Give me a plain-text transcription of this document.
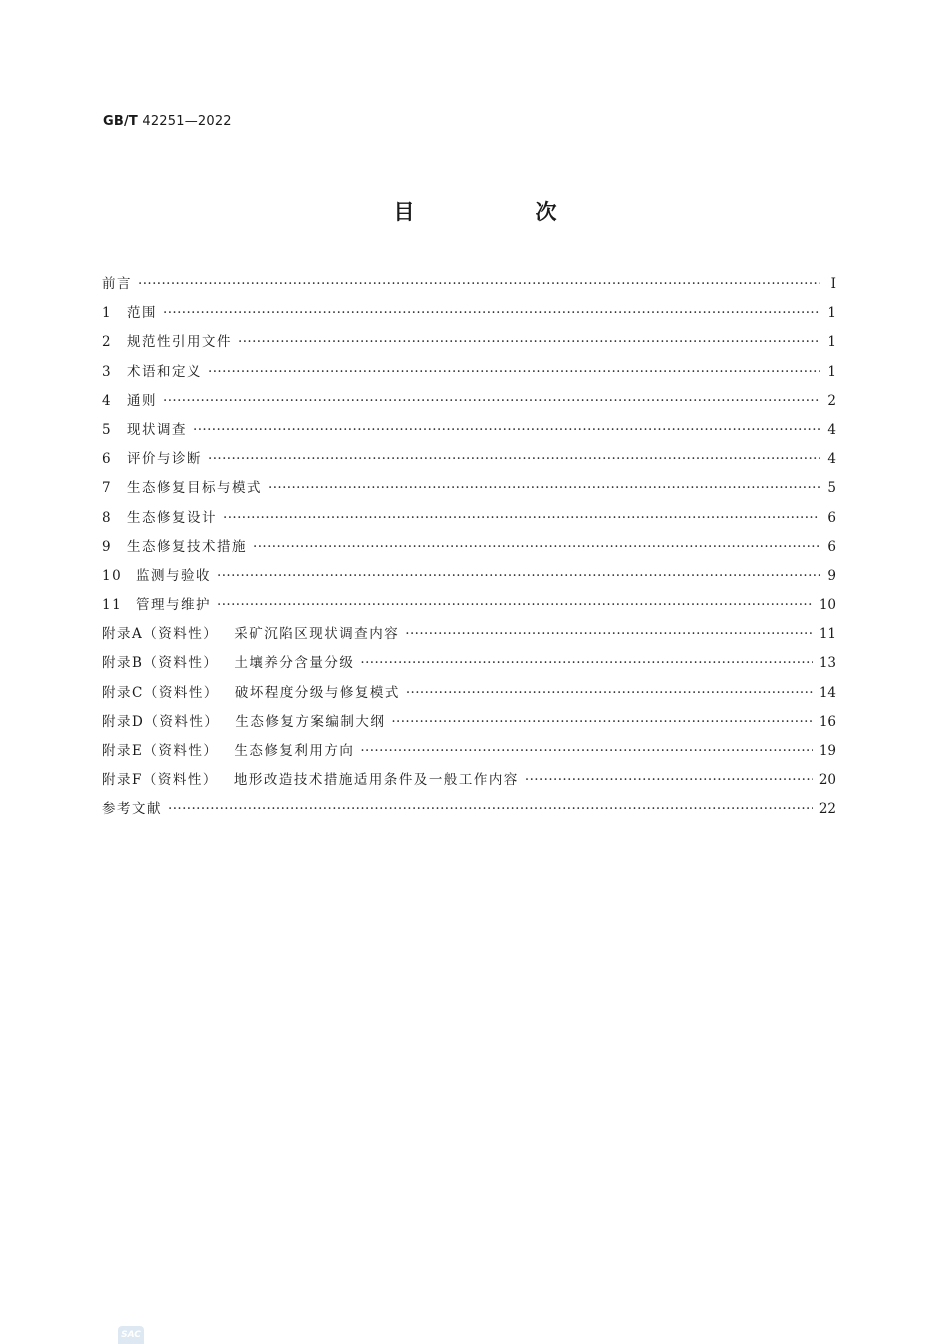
GB/T 42251—2022
目　次
前言 ·····	Ⅰ
1	范围 ·····	1
2	规范性引用文件 ·····	1
3	术语和定义 ·····	1
4	通则 ·····	2
5	现状调查 ·····	4
6	评价与诊断 ·····	4
7	生态修复目标与模式 ·····	5
8	生态修复设计 ·····	6
9	生态修复技术措施 ·····	6
10	监测与验收 ·····	9
11	管理与维护 ·····	10
附录A（资料性） 采矿沉陷区现状调查内容 ·····	11
附录B（资料性） 土壤养分含量分级 ·····	13
附录C（资料性） 破坏程度分级与修复模式 ·····	14
附录D（资料性） 生态修复方案编制大纲 ·····	16
附录E（资料性） 生态修复利用方向 ·····	19
附录F（资料性） 地形改造技术措施适用条件及一般工作内容 ·····	20
参考文献 ·····	22
SAC
